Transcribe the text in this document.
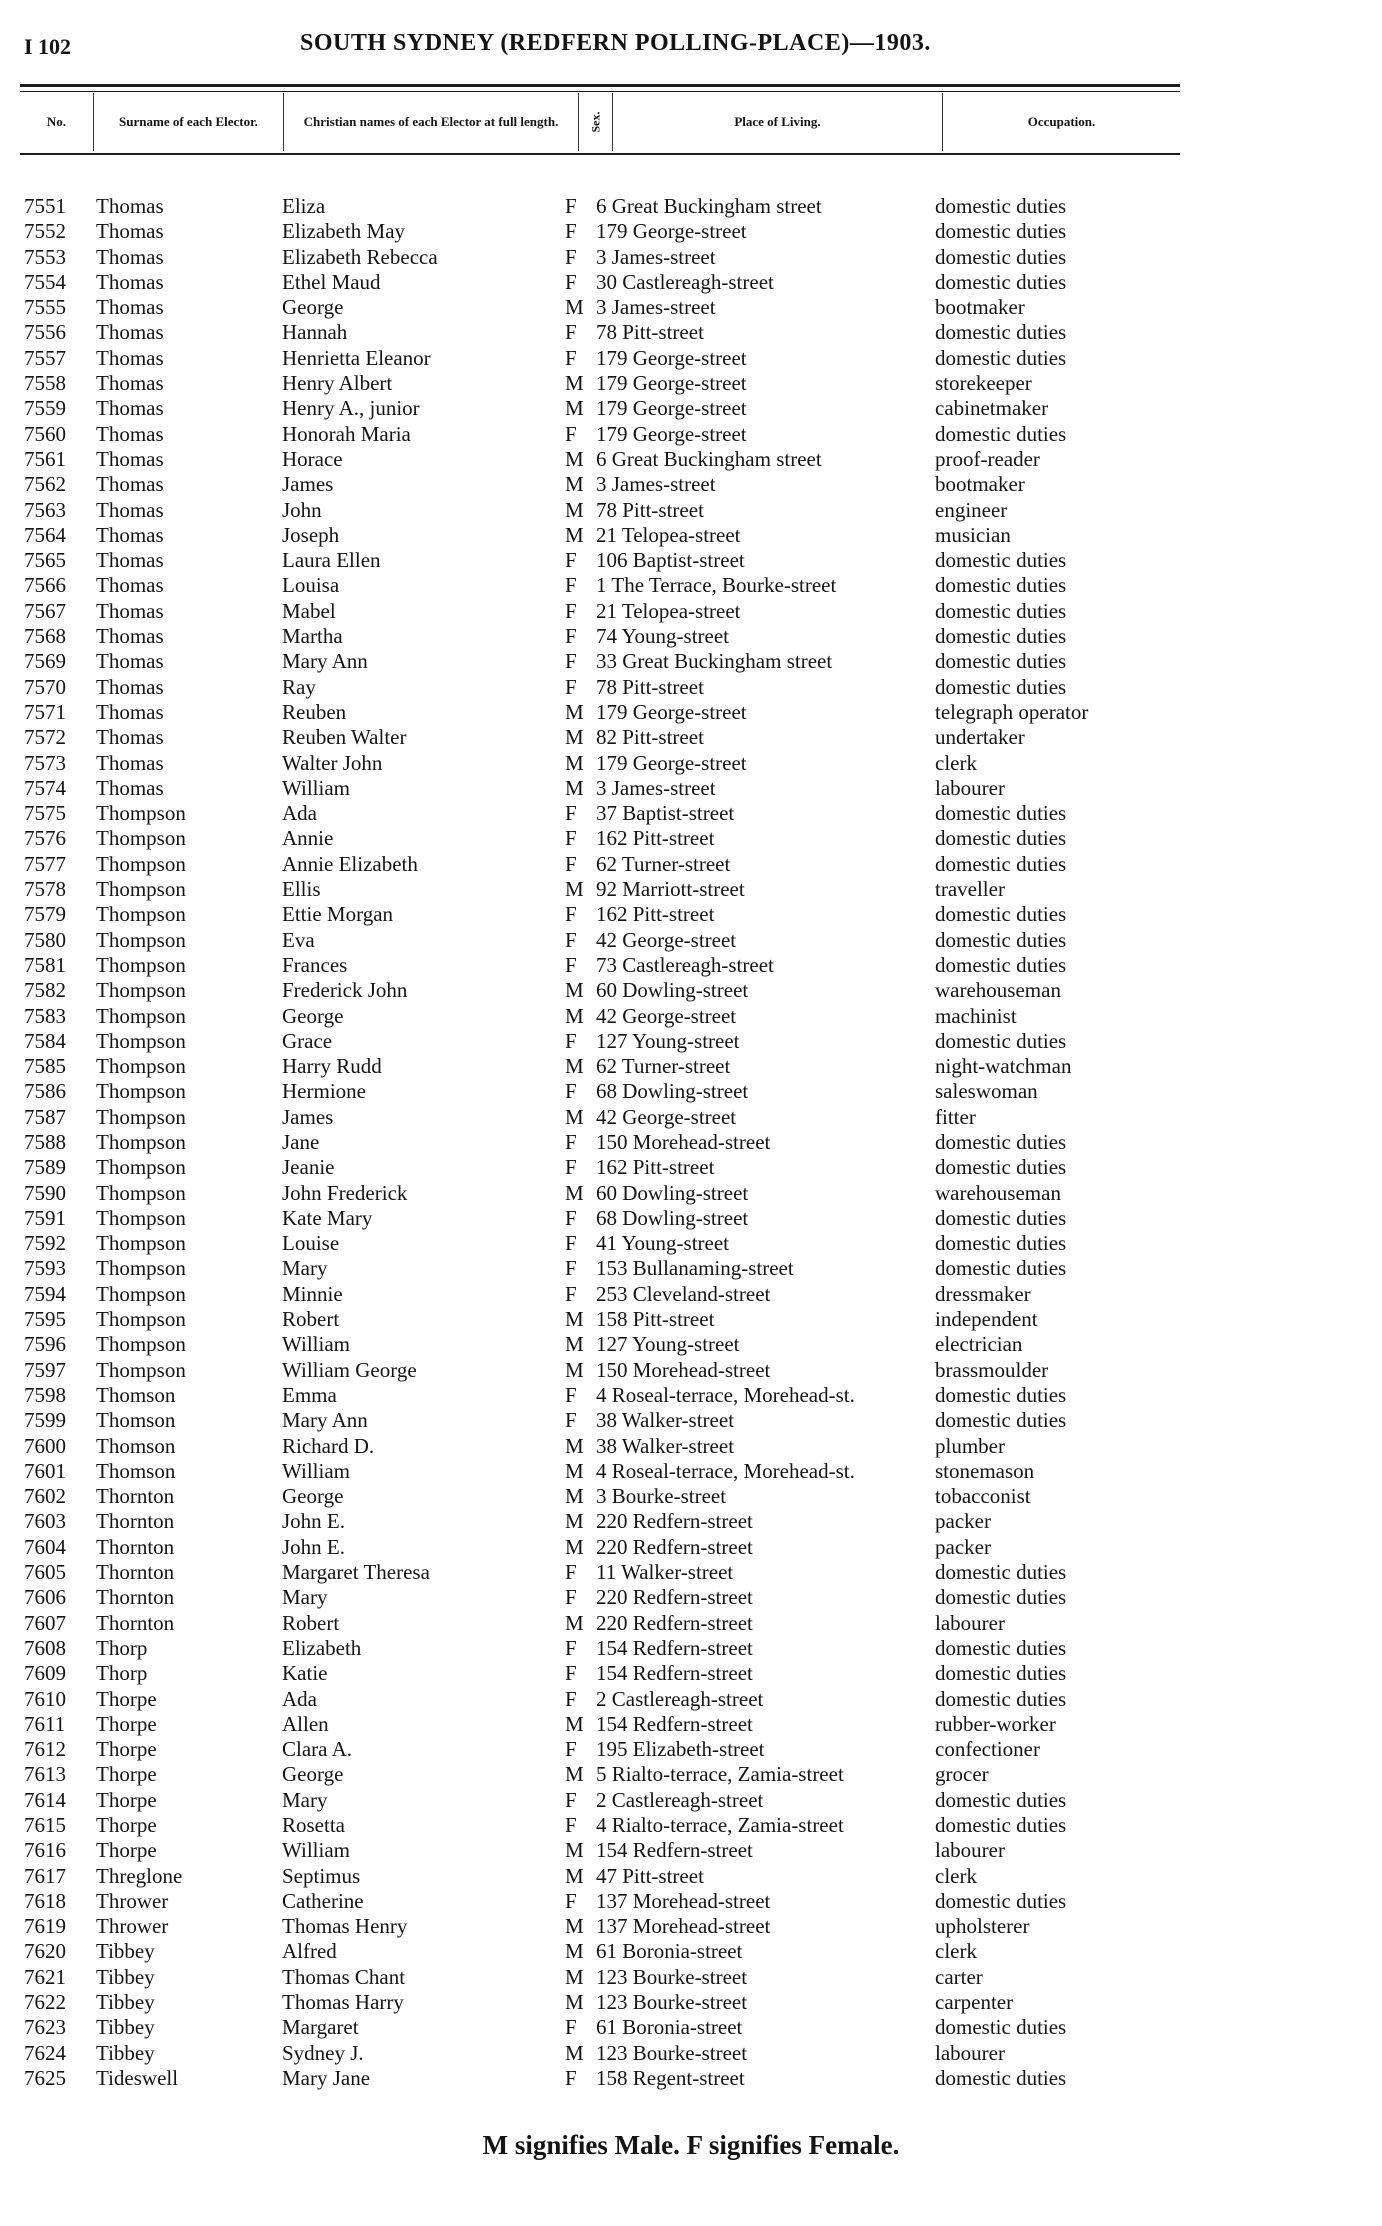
I 102	SOUTH SYDNEY (REDFERN POLLING-PLACE)—1903.
No.	Surname of each Elector.	Christian names of each Elector at full length.	Sex.	Place of Living.	Occupation.
7551 Thomas	Eliza	F 6 Great Buckingham street	domestic duties
7552 Thomas	Elizabeth May	F 179 George-street	domestic duties
7553 Thomas	Elizabeth Rebecca	F 3 James-street	domestic duties
7554 Thomas	Ethel Maud	F 30 Castlereagh-street	domestic duties
7555 Thomas	George	M 3 James-street	bootmaker
7556 Thomas	Hannah	F 78 Pitt-street	domestic duties
7557 Thomas	Henrietta Eleanor	F 179 George-street	domestic duties
7558 Thomas	Henry Albert	M 179 George-street	storekeeper
7559 Thomas	Henry A., junior	M 179 George-street	cabinetmaker
7560 Thomas	Honorah Maria	F 179 George-street	domestic duties
7561 Thomas	Horace	M 6 Great Buckingham street	proof-reader
7562 Thomas	James	M 3 James-street	bootmaker
7563 Thomas	John	M 78 Pitt-street	engineer
7564 Thomas	Joseph	M 21 Telopea-street	musician
7565 Thomas	Laura Ellen	F 106 Baptist-street	domestic duties
7566 Thomas	Louisa	F 1 The Terrace, Bourke-street	domestic duties
7567 Thomas	Mabel	F 21 Telopea-street	domestic duties
7568 Thomas	Martha	F 74 Young-street	domestic duties
7569 Thomas	Mary Ann	F 33 Great Buckingham street	domestic duties
7570 Thomas	Ray	F 78 Pitt-street	domestic duties
7571 Thomas	Reuben	M 179 George-street	telegraph operator
7572 Thomas	Reuben Walter	M 82 Pitt-street	undertaker
7573 Thomas	Walter John	M 179 George-street	clerk
7574 Thomas	William	M 3 James-street	labourer
7575 Thompson	Ada	F 37 Baptist-street	domestic duties
7576 Thompson	Annie	F 162 Pitt-street	domestic duties
7577 Thompson	Annie Elizabeth	F 62 Turner-street	domestic duties
7578 Thompson	Ellis	M 92 Marriott-street	traveller
7579 Thompson	Ettie Morgan	F 162 Pitt-street	domestic duties
7580 Thompson	Eva	F 42 George-street	domestic duties
7581 Thompson	Frances	F 73 Castlereagh-street	domestic duties
7582 Thompson	Frederick John	M 60 Dowling-street	warehouseman
7583 Thompson	George	M 42 George-street	machinist
7584 Thompson	Grace	F 127 Young-street	domestic duties
7585 Thompson	Harry Rudd	M 62 Turner-street	night-watchman
7586 Thompson	Hermione	F 68 Dowling-street	saleswoman
7587 Thompson	James	M 42 George-street	fitter
7588 Thompson	Jane	F 150 Morehead-street	domestic duties
7589 Thompson	Jeanie	F 162 Pitt-street	domestic duties
7590 Thompson	John Frederick	M 60 Dowling-street	warehouseman
7591 Thompson	Kate Mary	F 68 Dowling-street	domestic duties
7592 Thompson	Louise	F 41 Young-street	domestic duties
7593 Thompson	Mary	F 153 Bullanaming-street	domestic duties
7594 Thompson	Minnie	F 253 Cleveland-street	dressmaker
7595 Thompson	Robert	M 158 Pitt-street	independent
7596 Thompson	William	M 127 Young-street	electrician
7597 Thompson	William George	M 150 Morehead-street	brassmoulder
7598 Thomson	Emma	F 4 Roseal-terrace, Morehead-st.	domestic duties
7599 Thomson	Mary Ann	F 38 Walker-street	domestic duties
7600 Thomson	Richard D.	M 38 Walker-street	plumber
7601 Thomson	William	M 4 Roseal-terrace, Morehead-st.	stonemason
7602 Thornton	George	M 3 Bourke-street	tobacconist
7603 Thornton	John E.	M 220 Redfern-street	packer
7604 Thornton	John E.	M 220 Redfern-street	packer
7605 Thornton	Margaret Theresa	F 11 Walker-street	domestic duties
7606 Thornton	Mary	F 220 Redfern-street	domestic duties
7607 Thornton	Robert	M 220 Redfern-street	labourer
7608 Thorp	Elizabeth	F 154 Redfern-street	domestic duties
7609 Thorp	Katie	F 154 Redfern-street	domestic duties
7610 Thorpe	Ada	F 2 Castlereagh-street	domestic duties
7611 Thorpe	Allen	M 154 Redfern-street	rubber-worker
7612 Thorpe	Clara A.	F 195 Elizabeth-street	confectioner
7613 Thorpe	George	M 5 Rialto-terrace, Zamia-street	grocer
7614 Thorpe	Mary	F 2 Castlereagh-street	domestic duties
7615 Thorpe	Rosetta	F 4 Rialto-terrace, Zamia-street	domestic duties
7616 Thorpe	William	M 154 Redfern-street	labourer
7617 Threglone	Septimus	M 47 Pitt-street	clerk
7618 Thrower	Catherine	F 137 Morehead-street	domestic duties
7619 Thrower	Thomas Henry	M 137 Morehead-street	upholsterer
7620 Tibbey	Alfred	M 61 Boronia-street	clerk
7621 Tibbey	Thomas Chant	M 123 Bourke-street	carter
7622 Tibbey	Thomas Harry	M 123 Bourke-street	carpenter
7623 Tibbey	Margaret	F 61 Boronia-street	domestic duties
7624 Tibbey	Sydney J.	M 123 Bourke-street	labourer
7625 Tideswell	Mary Jane	F 158 Regent-street	domestic duties
M signifies Male. F signifies Female.
